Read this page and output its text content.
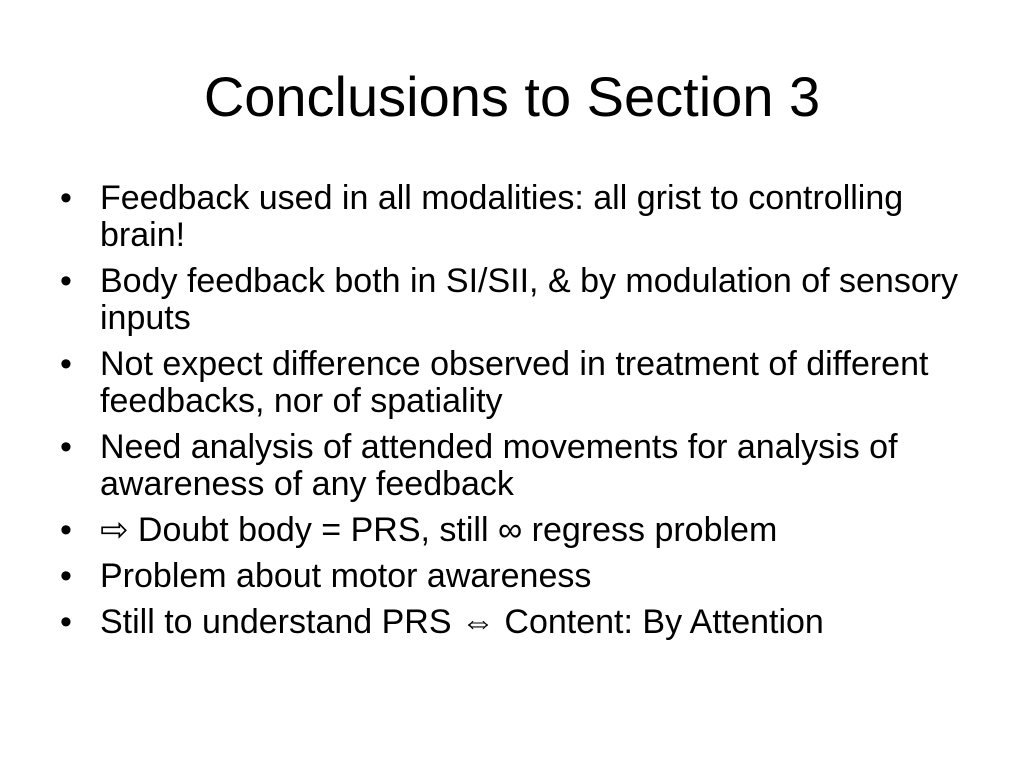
Conclusions to Section 3
• Feedback used in all modalities: all grist to controlling brain!
• Body feedback both in SI/SII, & by modulation of sensory inputs
• Not expect difference observed in treatment of different feedbacks, nor of spatiality
• Need analysis of attended movements for analysis of awareness of any feedback
• ⇨ Doubt body = PRS, still ∞ regress problem
• Problem about motor awareness
• Still to understand PRS ⇔ Content: By Attention
